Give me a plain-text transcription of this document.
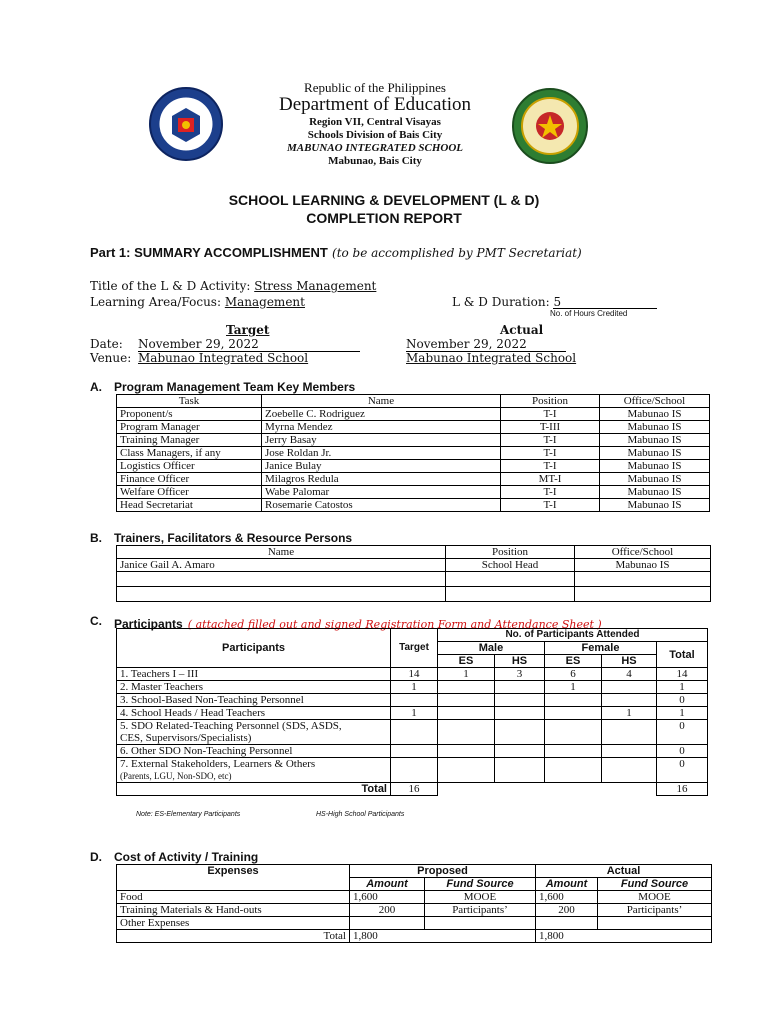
Republic of the Philippines
Department of Education
Region VII, Central Visayas
Schools Division of Bais City
MABUNAO INTEGRATED SCHOOL
Mabunao, Bais City
SCHOOL LEARNING & DEVELOPMENT (L & D)
COMPLETION REPORT
Part 1: SUMMARY ACCOMPLISHMENT (to be accomplished by PMT Secretariat)
Title of the L & D Activity: Stress Management
Learning Area/Focus: Management	L & D Duration: 5
No. of Hours Credited
Target	Actual
Date: November 29, 2022	November 29, 2022
Venue: Mabunao Integrated School	Mabunao Integrated School
A. Program Management Team Key Members
Task	Name	Position	Office/School
Proponent/s	Zoebelle C. Rodriguez	T-I	Mabunao IS
Program Manager	Myrna Mendez	T-III	Mabunao IS
Training Manager	Jerry Basay	T-I	Mabunao IS
Class Managers, if any	Jose Roldan Jr.	T-I	Mabunao IS
Logistics Officer	Janice Bulay	T-I	Mabunao IS
Finance Officer	Milagros Redula	MT-I	Mabunao IS
Welfare Officer	Wabe Palomar	T-I	Mabunao IS
Head Secretariat	Rosemarie Catostos	T-I	Mabunao IS
B. Trainers, Facilitators & Resource Persons
Name	Position	Office/School
Janice Gail A. Amaro	School Head	Mabunao IS

C. Participants ( attached filled out and signed Registration Form and Attendance Sheet )
Participants	Target	No. of Participants Attended				
		Male		Female		Total
		ES	HS	ES	HS	
1. Teachers I – III	14	1	3	6	4	14
2. Master Teachers	1			1		1
3. School-Based Non-Teaching Personnel						0
4. School Heads / Head Teachers	1				1	1

5. SDO Related-Teaching Personnel (SDS, ASDS,
CES, Supervisors/Specialists)						0
6. Other SDO Non-Teaching Personnel						0

7. External Stakeholders, Learners & Others
(Parents, LGU, Non-SDO, etc)						0
Total	16					16
Note: ES-Elementary Participants	HS-High School Participants
D. Cost of Activity / Training
Expenses	Proposed		Actual	
	Amount	Fund Source	Amount	Fund Source
Food	1,600	MOOE	1,600	MOOE
Training Materials & Hand-outs	200	Participants’	200	Participants’
Other Expenses				
Total	1,800		1,800	
